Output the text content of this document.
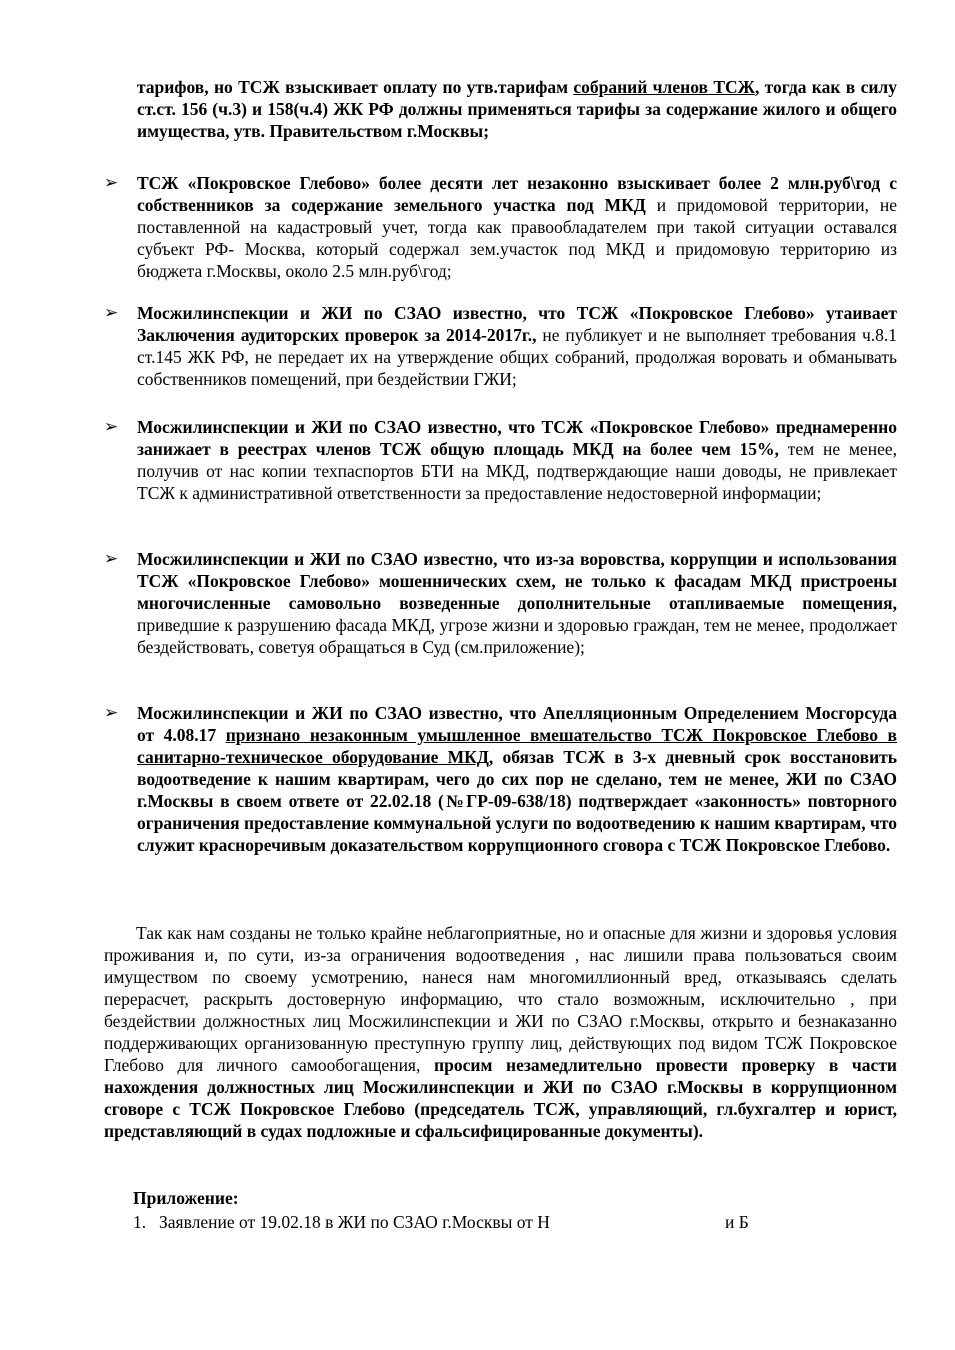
тарифов, но ТСЖ взыскивает оплату по утв.тарифам собраний членов ТСЖ, тогда как в силу ст.ст. 156 (ч.3) и 158(ч.4) ЖК РФ должны применяться тарифы за содержание жилого и общего имущества, утв. Правительством г.Москвы;
➢	ТСЖ «Покровское Глебово» более десяти лет незаконно взыскивает более 2 млн.руб\год с собственников за содержание земельного участка под МКД и придомовой территории, не поставленной на кадастровый учет, тогда как правообладателем при такой ситуации оставался субъект РФ- Москва, который содержал зем.участок под МКД и придомовую территорию из бюджета г.Москвы, около 2.5 млн.руб\год;
➢	Мосжилинспекции и ЖИ по СЗАО известно, что ТСЖ «Покровское Глебово» утаивает Заключения аудиторских проверок за 2014-2017г., не публикует и не выполняет требования ч.8.1 ст.145 ЖК РФ, не передает их на утверждение общих собраний, продолжая воровать и обманывать собственников помещений, при бездействии ГЖИ;
➢	Мосжилинспекции и ЖИ по СЗАО известно, что ТСЖ «Покровское Глебово» преднамеренно занижает в реестрах членов ТСЖ общую площадь МКД на более чем 15%, тем не менее, получив от нас копии техпаспортов БТИ на МКД, подтверждающие наши доводы, не привлекает ТСЖ к административной ответственности за предоставление недостоверной информации;
➢	Мосжилинспекции и ЖИ по СЗАО известно, что из-за воровства, коррупции и использования ТСЖ «Покровское Глебово» мошеннических схем, не только к фасадам МКД пристроены многочисленные самовольно возведенные дополнительные отапливаемые помещения, приведшие к разрушению фасада МКД, угрозе жизни и здоровью граждан, тем не менее, продолжает бездействовать, советуя обращаться в Суд (см.приложение);
➢	Мосжилинспекции и ЖИ по СЗАО известно, что Апелляционным Определением Мосгорсуда от 4.08.17 признано незаконным умышленное вмешательство ТСЖ Покровское Глебово в санитарно-техническое оборудование МКД, обязав ТСЖ в 3-х дневный срок восстановить водоотведение к нашим квартирам, чего до сих пор не сделано, тем не менее, ЖИ по СЗАО г.Москвы в своем ответе от 22.02.18 (№ГР-09-638/18) подтверждает «законность» повторного ограничения предоставление коммунальной услуги по водоотведению к нашим квартирам, что служит красноречивым доказательством коррупционного сговора с ТСЖ Покровское Глебово.
Так как нам созданы не только крайне неблагоприятные, но и опасные для жизни и здоровья условия проживания и, по сути, из-за ограничения водоотведения , нас лишили права пользоваться своим имуществом по своему усмотрению, нанеся нам многомиллионный вред, отказываясь сделать перерасчет, раскрыть достоверную информацию, что стало возможным, исключительно , при бездействии должностных лиц Мосжилинспекции и ЖИ по СЗАО г.Москвы, открыто и безнаказанно поддерживающих организованную преступную группу лиц, действующих под видом ТСЖ Покровское Глебово для личного самообогащения, просим незамедлительно провести проверку в части нахождения должностных лиц Мосжилинспекции и ЖИ по СЗАО г.Москвы в коррупционном сговоре с ТСЖ Покровское Глебово (председатель ТСЖ, управляющий, гл.бухгалтер и юрист, представляющий в судах подложные и сфальсифицированные документы).
Приложение:
1. Заявление от 19.02.18 в ЖИ по СЗАО г.Москвы от Н	и Б
